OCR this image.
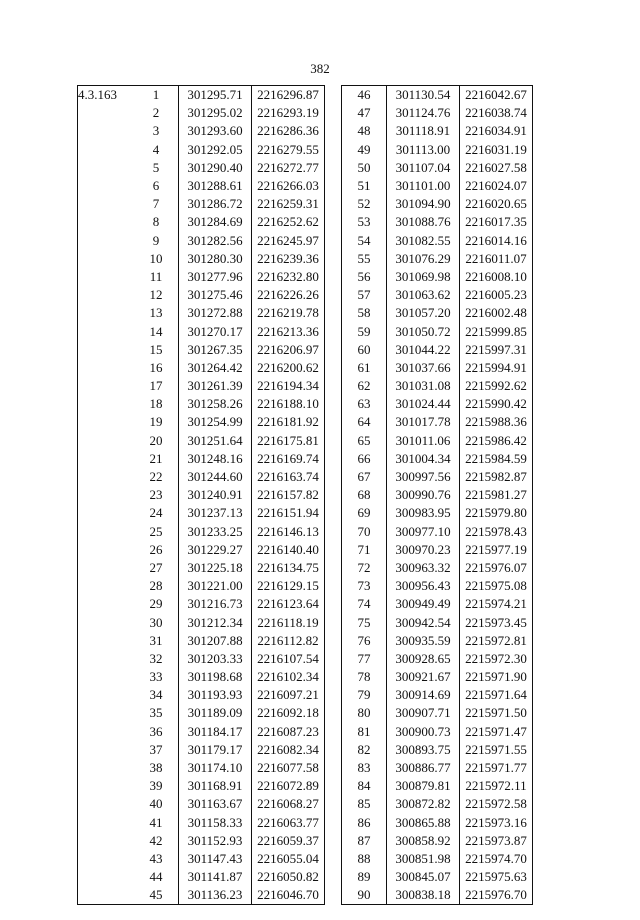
382
4.3.163	1	301295.71	2216296.87		46	301130.54	2216042.67
	2	301295.02	2216293.19		47	301124.76	2216038.74
	3	301293.60	2216286.36		48	301118.91	2216034.91
	4	301292.05	2216279.55		49	301113.00	2216031.19
	5	301290.40	2216272.77		50	301107.04	2216027.58
	6	301288.61	2216266.03		51	301101.00	2216024.07
	7	301286.72	2216259.31		52	301094.90	2216020.65
	8	301284.69	2216252.62		53	301088.76	2216017.35
	9	301282.56	2216245.97		54	301082.55	2216014.16
	10	301280.30	2216239.36		55	301076.29	2216011.07
	11	301277.96	2216232.80		56	301069.98	2216008.10
	12	301275.46	2216226.26		57	301063.62	2216005.23
	13	301272.88	2216219.78		58	301057.20	2216002.48
	14	301270.17	2216213.36		59	301050.72	2215999.85
	15	301267.35	2216206.97		60	301044.22	2215997.31
	16	301264.42	2216200.62		61	301037.66	2215994.91
	17	301261.39	2216194.34		62	301031.08	2215992.62
	18	301258.26	2216188.10		63	301024.44	2215990.42
	19	301254.99	2216181.92		64	301017.78	2215988.36
	20	301251.64	2216175.81		65	301011.06	2215986.42
	21	301248.16	2216169.74		66	301004.34	2215984.59
	22	301244.60	2216163.74		67	300997.56	2215982.87
	23	301240.91	2216157.82		68	300990.76	2215981.27
	24	301237.13	2216151.94		69	300983.95	2215979.80
	25	301233.25	2216146.13		70	300977.10	2215978.43
	26	301229.27	2216140.40		71	300970.23	2215977.19
	27	301225.18	2216134.75		72	300963.32	2215976.07
	28	301221.00	2216129.15		73	300956.43	2215975.08
	29	301216.73	2216123.64		74	300949.49	2215974.21
	30	301212.34	2216118.19		75	300942.54	2215973.45
	31	301207.88	2216112.82		76	300935.59	2215972.81
	32	301203.33	2216107.54		77	300928.65	2215972.30
	33	301198.68	2216102.34		78	300921.67	2215971.90
	34	301193.93	2216097.21		79	300914.69	2215971.64
	35	301189.09	2216092.18		80	300907.71	2215971.50
	36	301184.17	2216087.23		81	300900.73	2215971.47
	37	301179.17	2216082.34		82	300893.75	2215971.55
	38	301174.10	2216077.58		83	300886.77	2215971.77
	39	301168.91	2216072.89		84	300879.81	2215972.11
	40	301163.67	2216068.27		85	300872.82	2215972.58
	41	301158.33	2216063.77		86	300865.88	2215973.16
	42	301152.93	2216059.37		87	300858.92	2215973.87
	43	301147.43	2216055.04		88	300851.98	2215974.70
	44	301141.87	2216050.82		89	300845.07	2215975.63
	45	301136.23	2216046.70		90	300838.18	2215976.70
